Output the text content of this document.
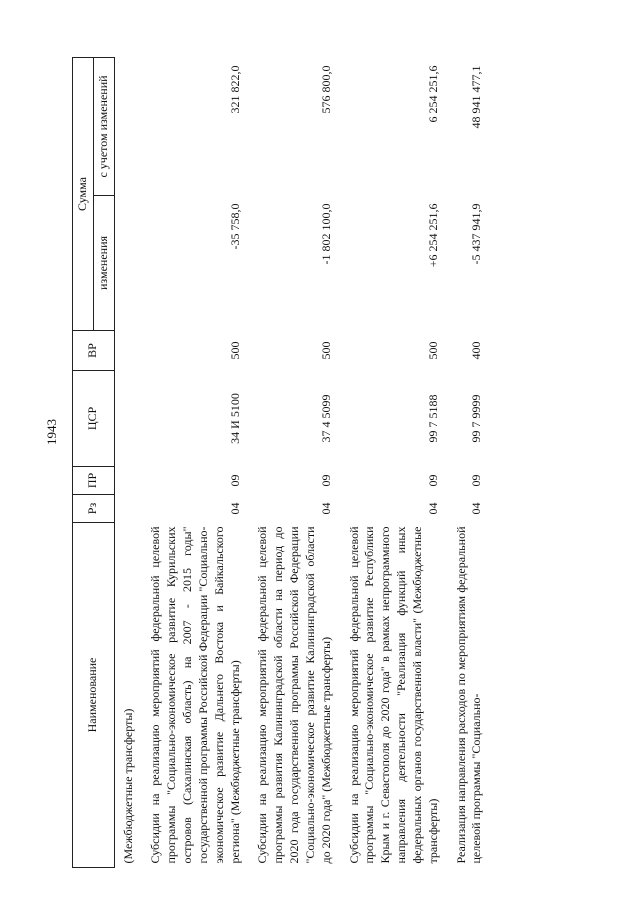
1943
Наименование	Рз	ПР	ЦСР	ВР	Сумма	
					изменения	с учетом изменений
(Межбюджетные трансферты)						
Субсидии на реализацию мероприятий федеральной целевой программы "Социально-экономическое развитие Курильских островов (Сахалинская область) на 2007 - 2015 годы" государственной программы Российской Федерации "Социально-экономическое развитие Дальнего Востока и Байкальского региона" (Межбюджетные трансферты)	04	09	34 И 5100	500	-35 758,0	321 822,0
Субсидии на реализацию мероприятий федеральной целевой программы развития Калининградской области на период до 2020 года государственной программы Российской Федерации "Социально-экономическое развитие Калининградской области до 2020 года" (Межбюджетные трансферты)	04	09	37 4 5099	500	-1 802 100,0	576 800,0
Субсидии на реализацию мероприятий федеральной целевой программы "Социально-экономическое развитие Республики Крым и г. Севастополя до 2020 года" в рамках непрограммного направления деятельности "Реализация функций иных федеральных органов государственной власти" (Межбюджетные трансферты)	04	09	99 7 5188	500	+6 254 251,6	6 254 251,6
Реализация направления расходов по мероприятиям федеральной целевой программы "Социально-	04	09	99 7 9999	400	-5 437 941,9	48 941 477,1
